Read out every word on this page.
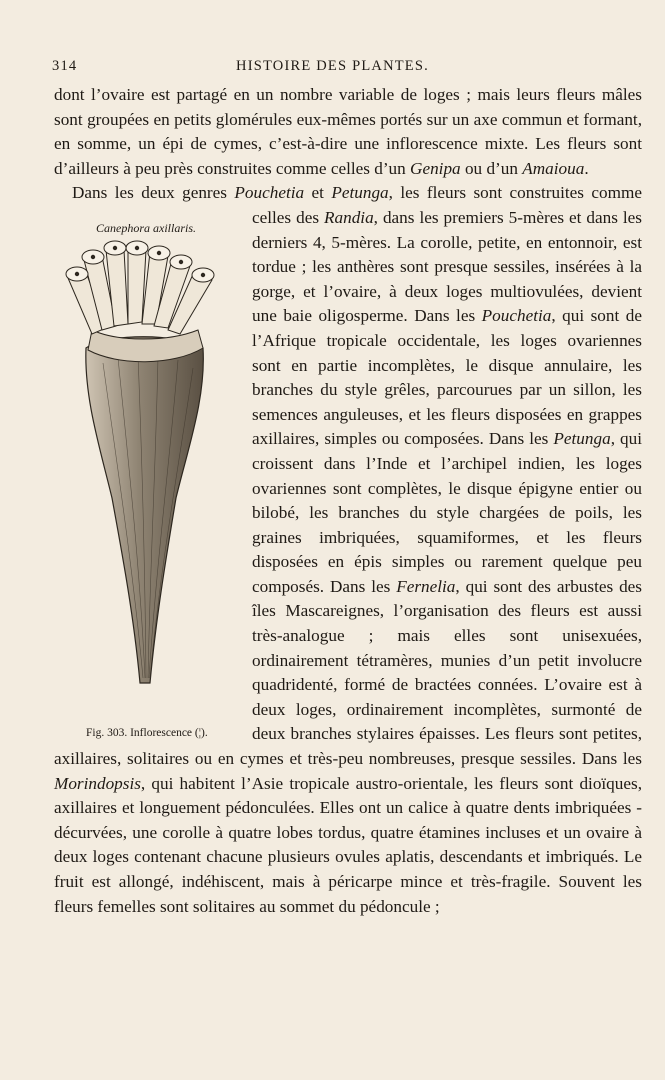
314	HISTOIRE DES PLANTES.

dont l’ovaire est partagé en un nombre variable de loges ; mais leurs fleurs mâles sont groupées en petits glomérules eux-mêmes portés sur un axe commun et formant, en somme, un épi de cymes, c’est-à-dire une inflorescence mixte. Les fleurs sont d’ailleurs à peu près construites comme celles d’un Genipa ou d’un Amaioua.

Dans les deux genres Pouchetia et Petunga, les fleurs sont construites comme celles des Randia
Canephora axillaris.
Fig. 303. Inflorescence (¦).
, dans les premiers 5-mères et dans les derniers 4, 5-mères. La corolle, petite, en entonnoir, est tordue ; les anthères sont presque sessiles, insérées à la gorge, et l’ovaire, à deux loges multiovulées, devient une baie oligosperme. Dans les Pouchetia, qui sont de l’Afrique tropicale occidentale, les loges ovariennes sont en partie incomplètes, le disque annulaire, les branches du style grêles, parcourues par un sillon, les semences anguleuses, et les fleurs disposées en grappes axillaires, simples ou composées. Dans les Petunga, qui croissent dans l’Inde et l’archipel indien, les loges ovariennes sont complètes, le disque épigyne entier ou bilobé, les branches du style chargées de poils, les graines imbriquées, squamiformes, et les fleurs disposées en épis simples ou rarement quelque peu composés. Dans les Fernelia, qui sont des arbustes des îles Mascareignes, l’organisation des fleurs est aussi très-analogue ; mais elles sont unisexuées, ordinairement tétramères, munies d’un petit involucre quadridenté, formé de bractées connées. L’ovaire est à deux loges, ordinairement incomplètes, surmonté de deux branches stylaires épaisses. Les fleurs sont petites, axillaires, solitaires ou en cymes et très-peu nombreuses, presque sessiles. Dans les Morindopsis, qui habitent l’Asie tropicale austro-orientale, les fleurs sont dioïques, axillaires et longuement pédonculées. Elles ont un calice à quatre dents imbriquées - décurvées, une corolle à quatre lobes tordus, quatre étamines incluses et un ovaire à deux loges contenant chacune plusieurs ovules aplatis, descendants et imbriqués. Le fruit est allongé, indéhiscent, mais à péricarpe mince et très-fragile. Souvent les fleurs femelles sont solitaires au sommet du pédoncule ;
